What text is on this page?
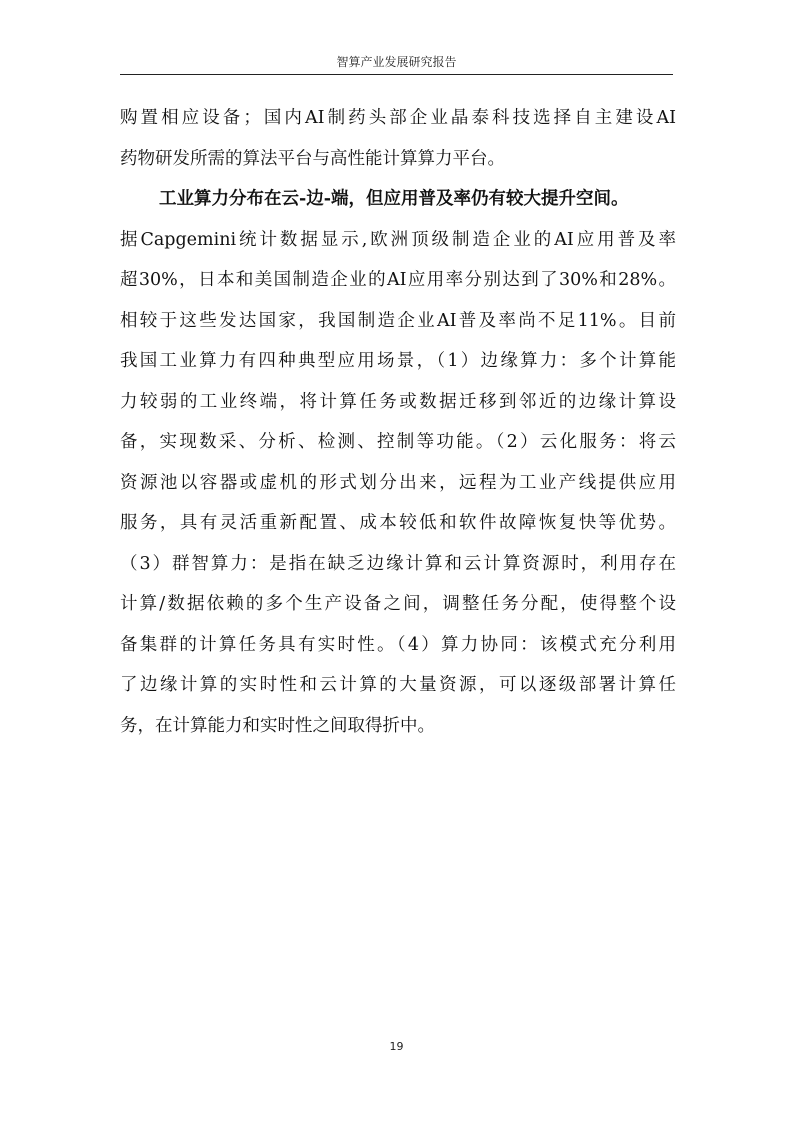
智算产业发展研究报告
购置相应设备；国内AI制药头部企业晶泰科技选择自主建设AI
药物研发所需的算法平台与高性能计算算力平台。
工业算力分布在云-边-端，但应用普及率仍有较大提升空间。
据Capgemini统计数据显示,欧洲顶级制造企业的AI应用普及率
超30%，日本和美国制造企业的AI应用率分别达到了30%和28%。
相较于这些发达国家，我国制造企业AI普及率尚不足11%。目前
我国工业算力有四种典型应用场景，（1）边缘算力：多个计算能
力较弱的工业终端，将计算任务或数据迁移到邻近的边缘计算设
备，实现数采、分析、检测、控制等功能。（2）云化服务：将云
资源池以容器或虚机的形式划分出来，远程为工业产线提供应用
服务，具有灵活重新配置、成本较低和软件故障恢复快等优势。
（3）群智算力：是指在缺乏边缘计算和云计算资源时，利用存在
计算/数据依赖的多个生产设备之间，调整任务分配，使得整个设
备集群的计算任务具有实时性。（4）算力协同：该模式充分利用
了边缘计算的实时性和云计算的大量资源，可以逐级部署计算任
务，在计算能力和实时性之间取得折中。
19
